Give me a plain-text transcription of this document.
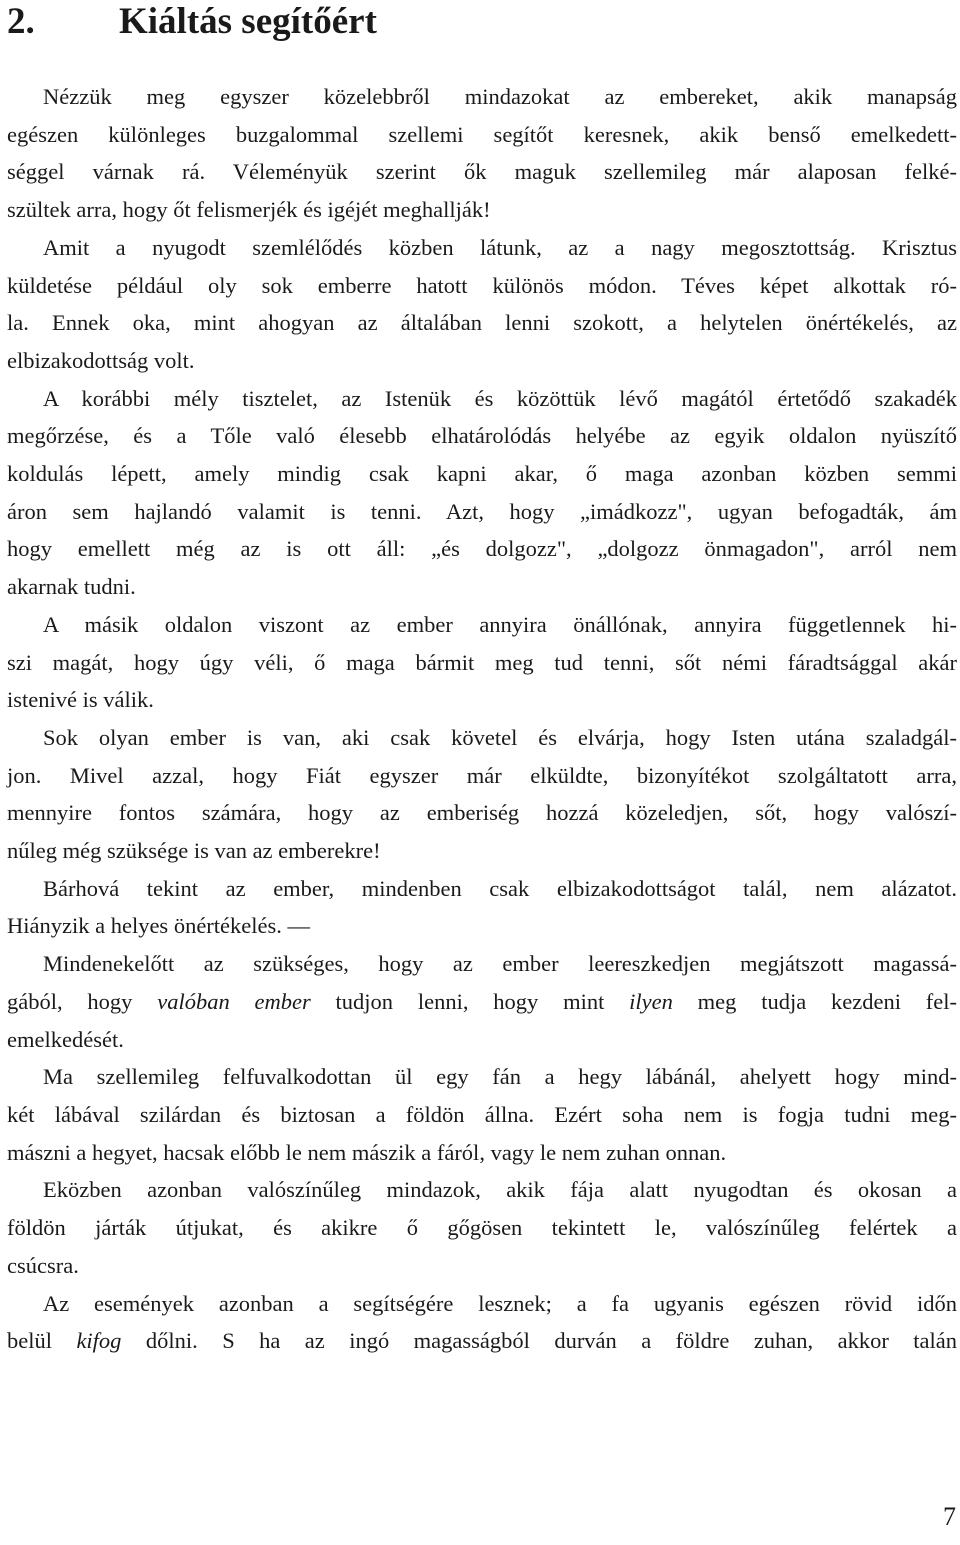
2. Kiáltás segítőért

Nézzük meg egyszer közelebbről mindazokat az embereket, akik manapság
egészen különleges buzgalommal szellemi segítőt keresnek, akik benső emelkedett-
séggel várnak rá. Véleményük szerint ők maguk szellemileg már alaposan felké-
szültek arra, hogy őt felismerjék és igéjét meghallják!

Amit a nyugodt szemlélődés közben látunk, az a nagy megosztottság. Krisztus
küldetése például oly sok emberre hatott különös módon. Téves képet alkottak ró-
la. Ennek oka, mint ahogyan az általában lenni szokott, a helytelen önértékelés, az
elbizakodottság volt.

A korábbi mély tisztelet, az Istenük és közöttük lévő magától értetődő szakadék
megőrzése, és a Tőle való élesebb elhatárolódás helyébe az egyik oldalon nyüszítő
koldulás lépett, amely mindig csak kapni akar, ő maga azonban közben semmi
áron sem hajlandó valamit is tenni. Azt, hogy „imádkozz", ugyan befogadták, ám
hogy emellett még az is ott áll: „és dolgozz", „dolgozz önmagadon", arról nem
akarnak tudni.

A másik oldalon viszont az ember annyira önállónak, annyira függetlennek hi-
szi magát, hogy úgy véli, ő maga bármit meg tud tenni, sőt némi fáradtsággal akár
istenivé is válik.

Sok olyan ember is van, aki csak követel és elvárja, hogy Isten utána szaladgál-
jon. Mivel azzal, hogy Fiát egyszer már elküldte, bizonyítékot szolgáltatott arra,
mennyire fontos számára, hogy az emberiség hozzá közeledjen, sőt, hogy valószí-
nűleg még szüksége is van az emberekre!

Bárhová tekint az ember, mindenben csak elbizakodottságot talál, nem alázatot.
Hiányzik a helyes önértékelés. —

Mindenekelőtt az szükséges, hogy az ember leereszkedjen megjátszott magassá-
gából, hogy valóban ember tudjon lenni, hogy mint ilyen meg tudja kezdeni fel-
emelkedését.

Ma szellemileg felfuvalkodottan ül egy fán a hegy lábánál, ahelyett hogy mind-
két lábával szilárdan és biztosan a földön állna. Ezért soha nem is fogja tudni meg-
mászni a hegyet, hacsak előbb le nem mászik a fáról, vagy le nem zuhan onnan.

Eközben azonban valószínűleg mindazok, akik fája alatt nyugodtan és okosan a
földön járták útjukat, és akikre ő gőgösen tekintett le, valószínűleg felértek a
csúcsra.

Az események azonban a segítségére lesznek; a fa ugyanis egészen rövid időn
belül kifog dőlni. S ha az ingó magasságból durván a földre zuhan, akkor talán

7
